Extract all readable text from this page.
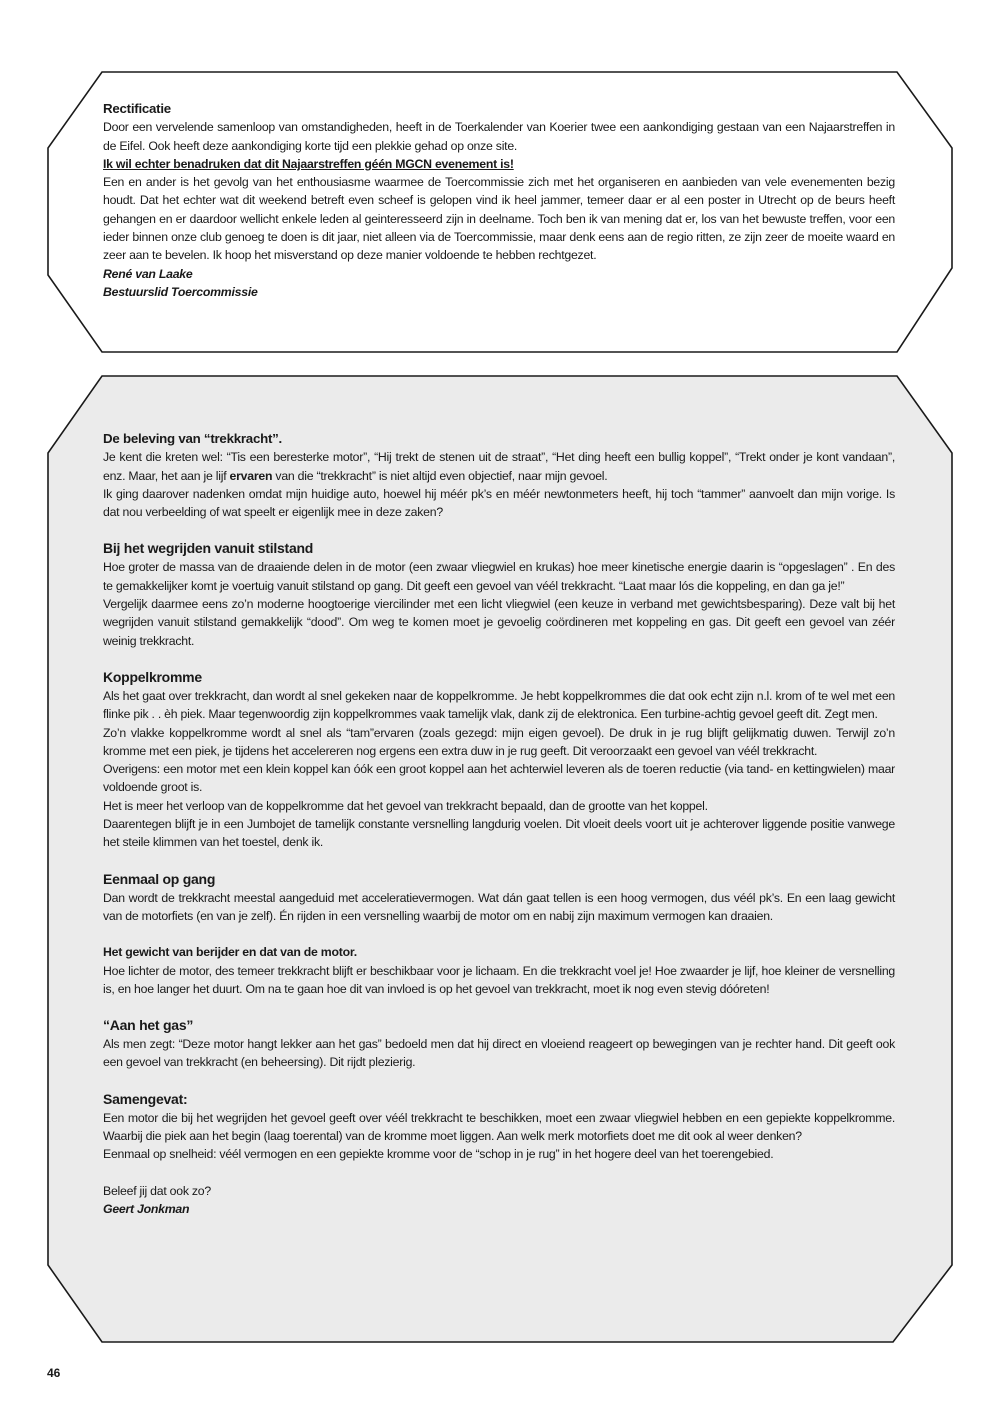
Rectificatie

Door een vervelende samenloop van omstandigheden, heeft in de Toerkalender van Koerier twee een aankondiging gestaan van een Najaarstreffen in de Eifel. Ook heeft deze aankondiging korte tijd een plekkie gehad op onze site.

Ik wil echter benadruken dat dit Najaarstreffen géén MGCN evenement is!

Een en ander is het gevolg van het enthousiasme waarmee de Toercommissie zich met het organiseren en aanbieden van vele evenementen bezig houdt. Dat het echter wat dit weekend betreft even scheef is gelopen vind ik heel jammer, temeer daar er al een poster in Utrecht op de beurs heeft gehangen en er daardoor wellicht enkele leden al geinteresseerd zijn in deelname. Toch ben ik van mening dat er, los van het bewuste treffen, voor een ieder binnen onze club genoeg te doen is dit jaar, niet alleen via de Toercommissie, maar denk eens aan de regio ritten, ze zijn zeer de moeite waard en zeer aan te bevelen. Ik hoop het misverstand op deze manier voldoende te hebben rechtgezet.

René van Laake

Bestuurslid Toercommissie

De beleving van “trekkracht”.

Je kent die kreten wel: “Tis een beresterke motor”, “Hij trekt de stenen uit de straat”, “Het ding heeft een bullig koppel”, “Trekt onder je kont vandaan”, enz. Maar, het aan je lijf ervaren van die “trekkracht” is niet altijd even objectief, naar mijn gevoel.

Ik ging daarover nadenken omdat mijn huidige auto, hoewel hij méér pk’s en méér newtonmeters heeft, hij toch “tammer” aanvoelt dan mijn vorige. Is dat nou verbeelding of wat speelt er eigenlijk mee in deze zaken?

Bij het wegrijden vanuit stilstand

Hoe groter de massa van de draaiende delen in de motor (een zwaar vliegwiel en krukas) hoe meer kinetische energie daarin is “opgeslagen” . En des te gemakkelijker komt je voertuig vanuit stilstand op gang. Dit geeft een gevoel van véél trekkracht. “Laat maar lós die koppeling, en dan ga je!”

Vergelijk daarmee eens zo’n moderne hoogtoerige viercilinder met een licht vliegwiel (een keuze in verband met gewichtsbesparing). Deze valt bij het wegrijden vanuit stilstand gemakkelijk “dood”. Om weg te komen moet je gevoelig coördineren met koppeling en gas. Dit geeft een gevoel van zéér weinig trekkracht.

Koppelkromme

Als het gaat over trekkracht, dan wordt al snel gekeken naar de koppelkromme. Je hebt koppelkrommes die dat ook echt zijn n.l. krom of te wel met een flinke pik . . èh piek. Maar tegenwoordig zijn koppelkrommes vaak tamelijk vlak, dank zij de elektronica. Een turbine-achtig gevoel geeft dit. Zegt men.

Zo’n vlakke koppelkromme wordt al snel als “tam”ervaren (zoals gezegd: mijn eigen gevoel). De druk in je rug blijft gelijkmatig duwen. Terwijl zo’n kromme met een piek, je tijdens het accelereren nog ergens een extra duw in je rug geeft. Dit veroorzaakt een gevoel van véél trekkracht.

Overigens: een motor met een klein koppel kan óók een groot koppel aan het achterwiel leveren als de toeren reductie (via tand- en kettingwielen) maar voldoende groot is.

Het is meer het verloop van de koppelkromme dat het gevoel van trekkracht bepaald, dan de grootte van het koppel.

Daarentegen blijft je in een Jumbojet de tamelijk constante versnelling langdurig voelen. Dit vloeit deels voort uit je achterover liggende positie vanwege het steile klimmen van het toestel, denk ik.

Eenmaal op gang

Dan wordt de trekkracht meestal aangeduid met acceleratievermogen. Wat dán gaat tellen is een hoog vermogen, dus véél pk’s. En een laag gewicht van de motorfiets (en van je zelf). Én rijden in een versnelling waarbij de motor om en nabij zijn maximum vermogen kan draaien.

Het gewicht van berijder en dat van de motor.

Hoe lichter de motor, des temeer trekkracht blijft er beschikbaar voor je lichaam. En die trekkracht voel je! Hoe zwaarder je lijf, hoe kleiner de versnelling is, en hoe langer het duurt. Om na te gaan hoe dit van invloed is op het gevoel van trekkracht, moet ik nog even stevig dóóreten!

“Aan het gas”

Als men zegt: “Deze motor hangt lekker aan het gas” bedoeld men dat hij direct en vloeiend reageert op bewegingen van je rechter hand. Dit geeft ook een gevoel van trekkracht (en beheersing). Dit rijdt plezierig.

Samengevat:

Een motor die bij het wegrijden het gevoel geeft over véél trekkracht te beschikken, moet een zwaar vliegwiel hebben en een gepiekte koppelkromme. Waarbij die piek aan het begin (laag toerental) van de kromme moet liggen. Aan welk merk motorfiets doet me dit ook al weer denken?

Eenmaal op snelheid: véél vermogen en een gepiekte kromme voor de “schop in je rug” in het hogere deel van het toerengebied.

Beleef jij dat ook zo?

Geert Jonkman

46
